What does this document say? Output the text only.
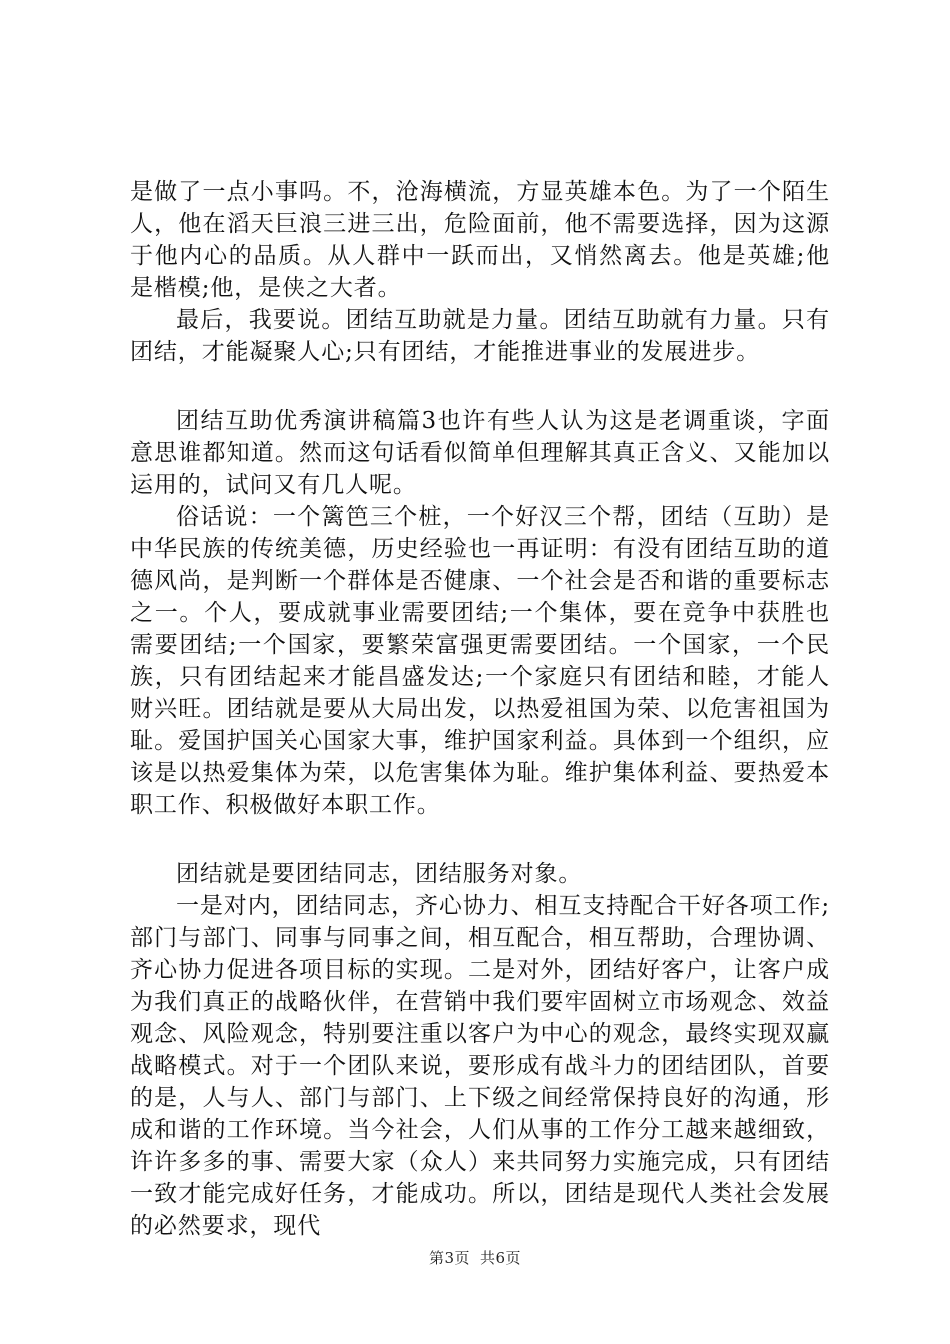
是做了一点小事吗。不，沧海横流，方显英雄本色。为了一个陌生人，他在滔天巨浪三进三出，危险面前，他不需要选择，因为这源于他内心的品质。从人群中一跃而出，又悄然离去。他是英雄;他是楷模;他，是侠之大者。

最后，我要说。团结互助就是力量。团结互助就有力量。只有团结，才能凝聚人心;只有团结，才能推进事业的发展进步。

团结互助优秀演讲稿篇3也许有些人认为这是老调重谈，字面意思谁都知道。然而这句话看似简单但理解其真正含义、又能加以运用的，试问又有几人呢。

俗话说：一个篱笆三个桩，一个好汉三个帮，团结（互助）是中华民族的传统美德，历史经验也一再证明：有没有团结互助的道德风尚，是判断一个群体是否健康、一个社会是否和谐的重要标志之一。个人，要成就事业需要团结;一个集体，要在竞争中获胜也需要团结;一个国家，要繁荣富强更需要团结。一个国家，一个民族，只有团结起来才能昌盛发达;一个家庭只有团结和睦，才能人财兴旺。团结就是要从大局出发，以热爱祖国为荣、以危害祖国为耻。爱国护国关心国家大事，维护国家利益。具体到一个组织，应该是以热爱集体为荣，以危害集体为耻。维护集体利益、要热爱本职工作、积极做好本职工作。

团结就是要团结同志，团结服务对象。

一是对内，团结同志，齐心协力、相互支持配合干好各项工作;部门与部门、同事与同事之间，相互配合，相互帮助，合理协调、齐心协力促进各项目标的实现。二是对外，团结好客户，让客户成为我们真正的战略伙伴，在营销中我们要牢固树立市场观念、效益观念、风险观念，特别要注重以客户为中心的观念，最终实现双赢战略模式。对于一个团队来说，要形成有战斗力的团结团队，首要的是，人与人、部门与部门、上下级之间经常保持良好的沟通，形成和谐的工作环境。当今社会，人们从事的工作分工越来越细致，许许多多的事、需要大家（众人）来共同努力实施完成，只有团结一致才能完成好任务，才能成功。所以，团结是现代人类社会发展的必然要求，现代

第3页 共6页
